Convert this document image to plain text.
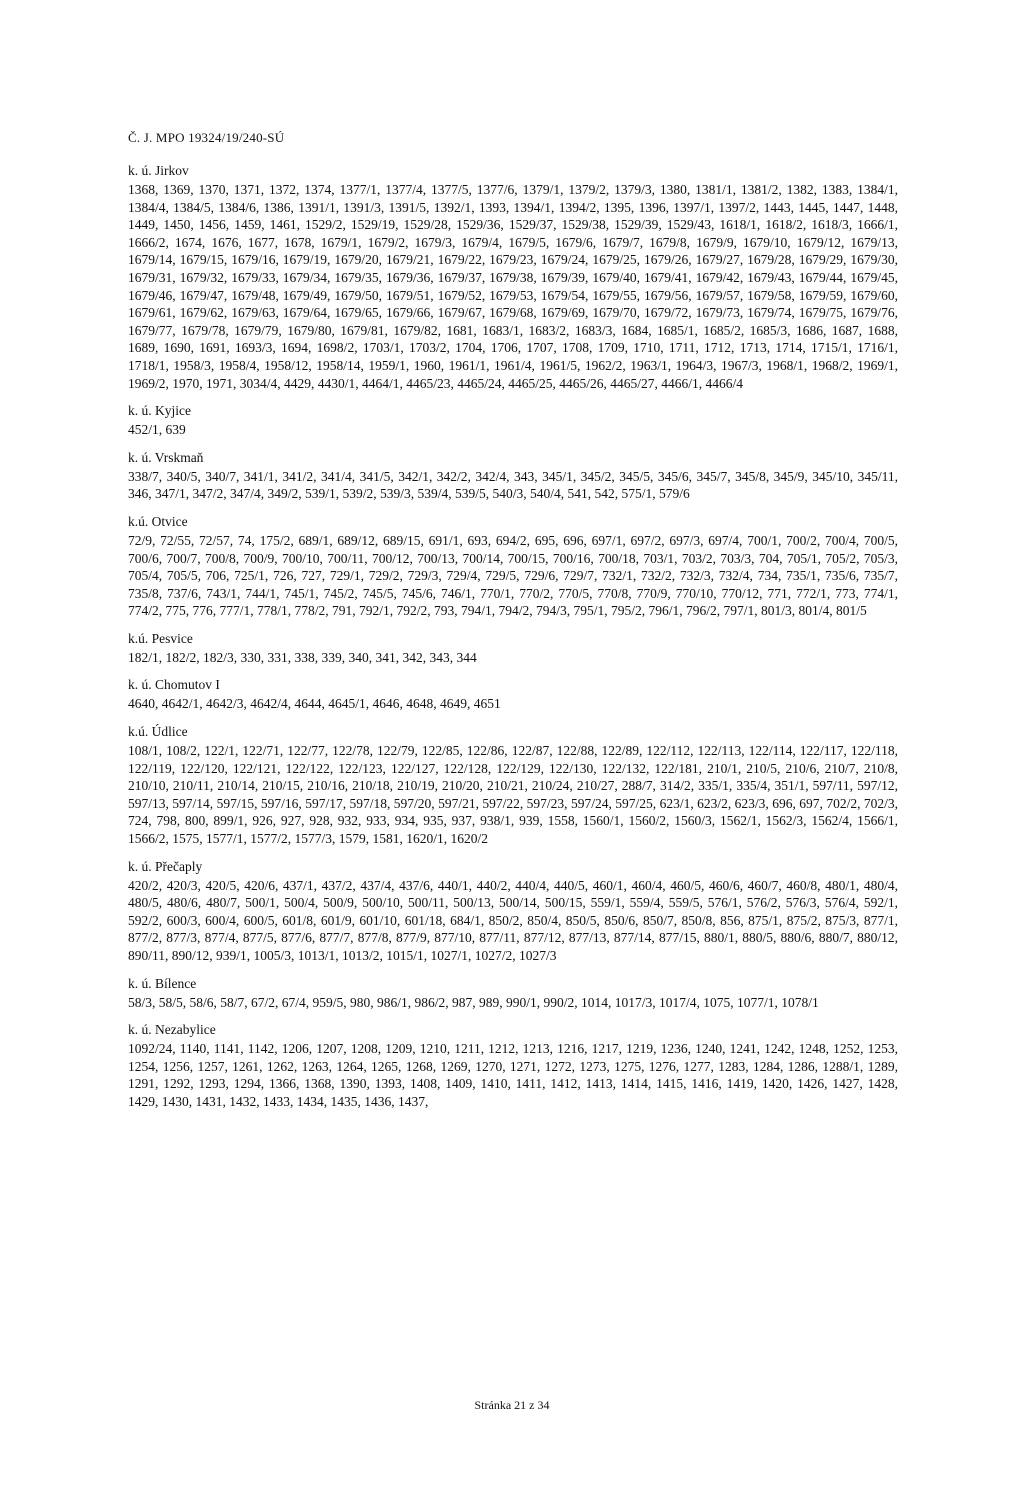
Č. J. MPO 19324/19/240-SÚ

k. ú. Jirkov

1368, 1369, 1370, 1371, 1372, 1374, 1377/1, 1377/4, 1377/5, 1377/6, 1379/1, 1379/2, 1379/3, 1380, 1381/1, 1381/2, 1382, 1383, 1384/1, 1384/4, 1384/5, 1384/6, 1386, 1391/1, 1391/3, 1391/5, 1392/1, 1393, 1394/1, 1394/2, 1395, 1396, 1397/1, 1397/2, 1443, 1445, 1447, 1448, 1449, 1450, 1456, 1459, 1461, 1529/2, 1529/19, 1529/28, 1529/36, 1529/37, 1529/38, 1529/39, 1529/43, 1618/1, 1618/2, 1618/3, 1666/1, 1666/2, 1674, 1676, 1677, 1678, 1679/1, 1679/2, 1679/3, 1679/4, 1679/5, 1679/6, 1679/7, 1679/8, 1679/9, 1679/10, 1679/12, 1679/13, 1679/14, 1679/15, 1679/16, 1679/19, 1679/20, 1679/21, 1679/22, 1679/23, 1679/24, 1679/25, 1679/26, 1679/27, 1679/28, 1679/29, 1679/30, 1679/31, 1679/32, 1679/33, 1679/34, 1679/35, 1679/36, 1679/37, 1679/38, 1679/39, 1679/40, 1679/41, 1679/42, 1679/43, 1679/44, 1679/45, 1679/46, 1679/47, 1679/48, 1679/49, 1679/50, 1679/51, 1679/52, 1679/53, 1679/54, 1679/55, 1679/56, 1679/57, 1679/58, 1679/59, 1679/60, 1679/61, 1679/62, 1679/63, 1679/64, 1679/65, 1679/66, 1679/67, 1679/68, 1679/69, 1679/70, 1679/72, 1679/73, 1679/74, 1679/75, 1679/76, 1679/77, 1679/78, 1679/79, 1679/80, 1679/81, 1679/82, 1681, 1683/1, 1683/2, 1683/3, 1684, 1685/1, 1685/2, 1685/3, 1686, 1687, 1688, 1689, 1690, 1691, 1693/3, 1694, 1698/2, 1703/1, 1703/2, 1704, 1706, 1707, 1708, 1709, 1710, 1711, 1712, 1713, 1714, 1715/1, 1716/1, 1718/1, 1958/3, 1958/4, 1958/12, 1958/14, 1959/1, 1960, 1961/1, 1961/4, 1961/5, 1962/2, 1963/1, 1964/3, 1967/3, 1968/1, 1968/2, 1969/1, 1969/2, 1970, 1971, 3034/4, 4429, 4430/1, 4464/1, 4465/23, 4465/24, 4465/25, 4465/26, 4465/27, 4466/1, 4466/4

k. ú. Kyjice

452/1, 639

k. ú. Vrskmaň

338/7, 340/5, 340/7, 341/1, 341/2, 341/4, 341/5, 342/1, 342/2, 342/4, 343, 345/1, 345/2, 345/5, 345/6, 345/7, 345/8, 345/9, 345/10, 345/11, 346, 347/1, 347/2, 347/4, 349/2, 539/1, 539/2, 539/3, 539/4, 539/5, 540/3, 540/4, 541, 542, 575/1, 579/6

k.ú. Otvice

72/9, 72/55, 72/57, 74, 175/2, 689/1, 689/12, 689/15, 691/1, 693, 694/2, 695, 696, 697/1, 697/2, 697/3, 697/4, 700/1, 700/2, 700/4, 700/5, 700/6, 700/7, 700/8, 700/9, 700/10, 700/11, 700/12, 700/13, 700/14, 700/15, 700/16, 700/18, 703/1, 703/2, 703/3, 704, 705/1, 705/2, 705/3, 705/4, 705/5, 706, 725/1, 726, 727, 729/1, 729/2, 729/3, 729/4, 729/5, 729/6, 729/7, 732/1, 732/2, 732/3, 732/4, 734, 735/1, 735/6, 735/7, 735/8, 737/6, 743/1, 744/1, 745/1, 745/2, 745/5, 745/6, 746/1, 770/1, 770/2, 770/5, 770/8, 770/9, 770/10, 770/12, 771, 772/1, 773, 774/1, 774/2, 775, 776, 777/1, 778/1, 778/2, 791, 792/1, 792/2, 793, 794/1, 794/2, 794/3, 795/1, 795/2, 796/1, 796/2, 797/1, 801/3, 801/4, 801/5

k.ú. Pesvice

182/1, 182/2, 182/3, 330, 331, 338, 339, 340, 341, 342, 343, 344

k. ú. Chomutov I

4640, 4642/1, 4642/3, 4642/4, 4644, 4645/1, 4646, 4648, 4649, 4651

k.ú. Údlice

108/1, 108/2, 122/1, 122/71, 122/77, 122/78, 122/79, 122/85, 122/86, 122/87, 122/88, 122/89, 122/112, 122/113, 122/114, 122/117, 122/118, 122/119, 122/120, 122/121, 122/122, 122/123, 122/127, 122/128, 122/129, 122/130, 122/132, 122/181, 210/1, 210/5, 210/6, 210/7, 210/8, 210/10, 210/11, 210/14, 210/15, 210/16, 210/18, 210/19, 210/20, 210/21, 210/24, 210/27, 288/7, 314/2, 335/1, 335/4, 351/1, 597/11, 597/12, 597/13, 597/14, 597/15, 597/16, 597/17, 597/18, 597/20, 597/21, 597/22, 597/23, 597/24, 597/25, 623/1, 623/2, 623/3, 696, 697, 702/2, 702/3, 724, 798, 800, 899/1, 926, 927, 928, 932, 933, 934, 935, 937, 938/1, 939, 1558, 1560/1, 1560/2, 1560/3, 1562/1, 1562/3, 1562/4, 1566/1, 1566/2, 1575, 1577/1, 1577/2, 1577/3, 1579, 1581, 1620/1, 1620/2

k. ú. Přečaply

420/2, 420/3, 420/5, 420/6, 437/1, 437/2, 437/4, 437/6, 440/1, 440/2, 440/4, 440/5, 460/1, 460/4, 460/5, 460/6, 460/7, 460/8, 480/1, 480/4, 480/5, 480/6, 480/7, 500/1, 500/4, 500/9, 500/10, 500/11, 500/13, 500/14, 500/15, 559/1, 559/4, 559/5, 576/1, 576/2, 576/3, 576/4, 592/1, 592/2, 600/3, 600/4, 600/5, 601/8, 601/9, 601/10, 601/18, 684/1, 850/2, 850/4, 850/5, 850/6, 850/7, 850/8, 856, 875/1, 875/2, 875/3, 877/1, 877/2, 877/3, 877/4, 877/5, 877/6, 877/7, 877/8, 877/9, 877/10, 877/11, 877/12, 877/13, 877/14, 877/15, 880/1, 880/5, 880/6, 880/7, 880/12, 890/11, 890/12, 939/1, 1005/3, 1013/1, 1013/2, 1015/1, 1027/1, 1027/2, 1027/3

k. ú. Bílence

58/3, 58/5, 58/6, 58/7, 67/2, 67/4, 959/5, 980, 986/1, 986/2, 987, 989, 990/1, 990/2, 1014, 1017/3, 1017/4, 1075, 1077/1, 1078/1

k. ú. Nezabylice

1092/24, 1140, 1141, 1142, 1206, 1207, 1208, 1209, 1210, 1211, 1212, 1213, 1216, 1217, 1219, 1236, 1240, 1241, 1242, 1248, 1252, 1253, 1254, 1256, 1257, 1261, 1262, 1263, 1264, 1265, 1268, 1269, 1270, 1271, 1272, 1273, 1275, 1276, 1277, 1283, 1284, 1286, 1288/1, 1289, 1291, 1292, 1293, 1294, 1366, 1368, 1390, 1393, 1408, 1409, 1410, 1411, 1412, 1413, 1414, 1415, 1416, 1419, 1420, 1426, 1427, 1428, 1429, 1430, 1431, 1432, 1433, 1434, 1435, 1436, 1437,

Stránka 21 z 34
